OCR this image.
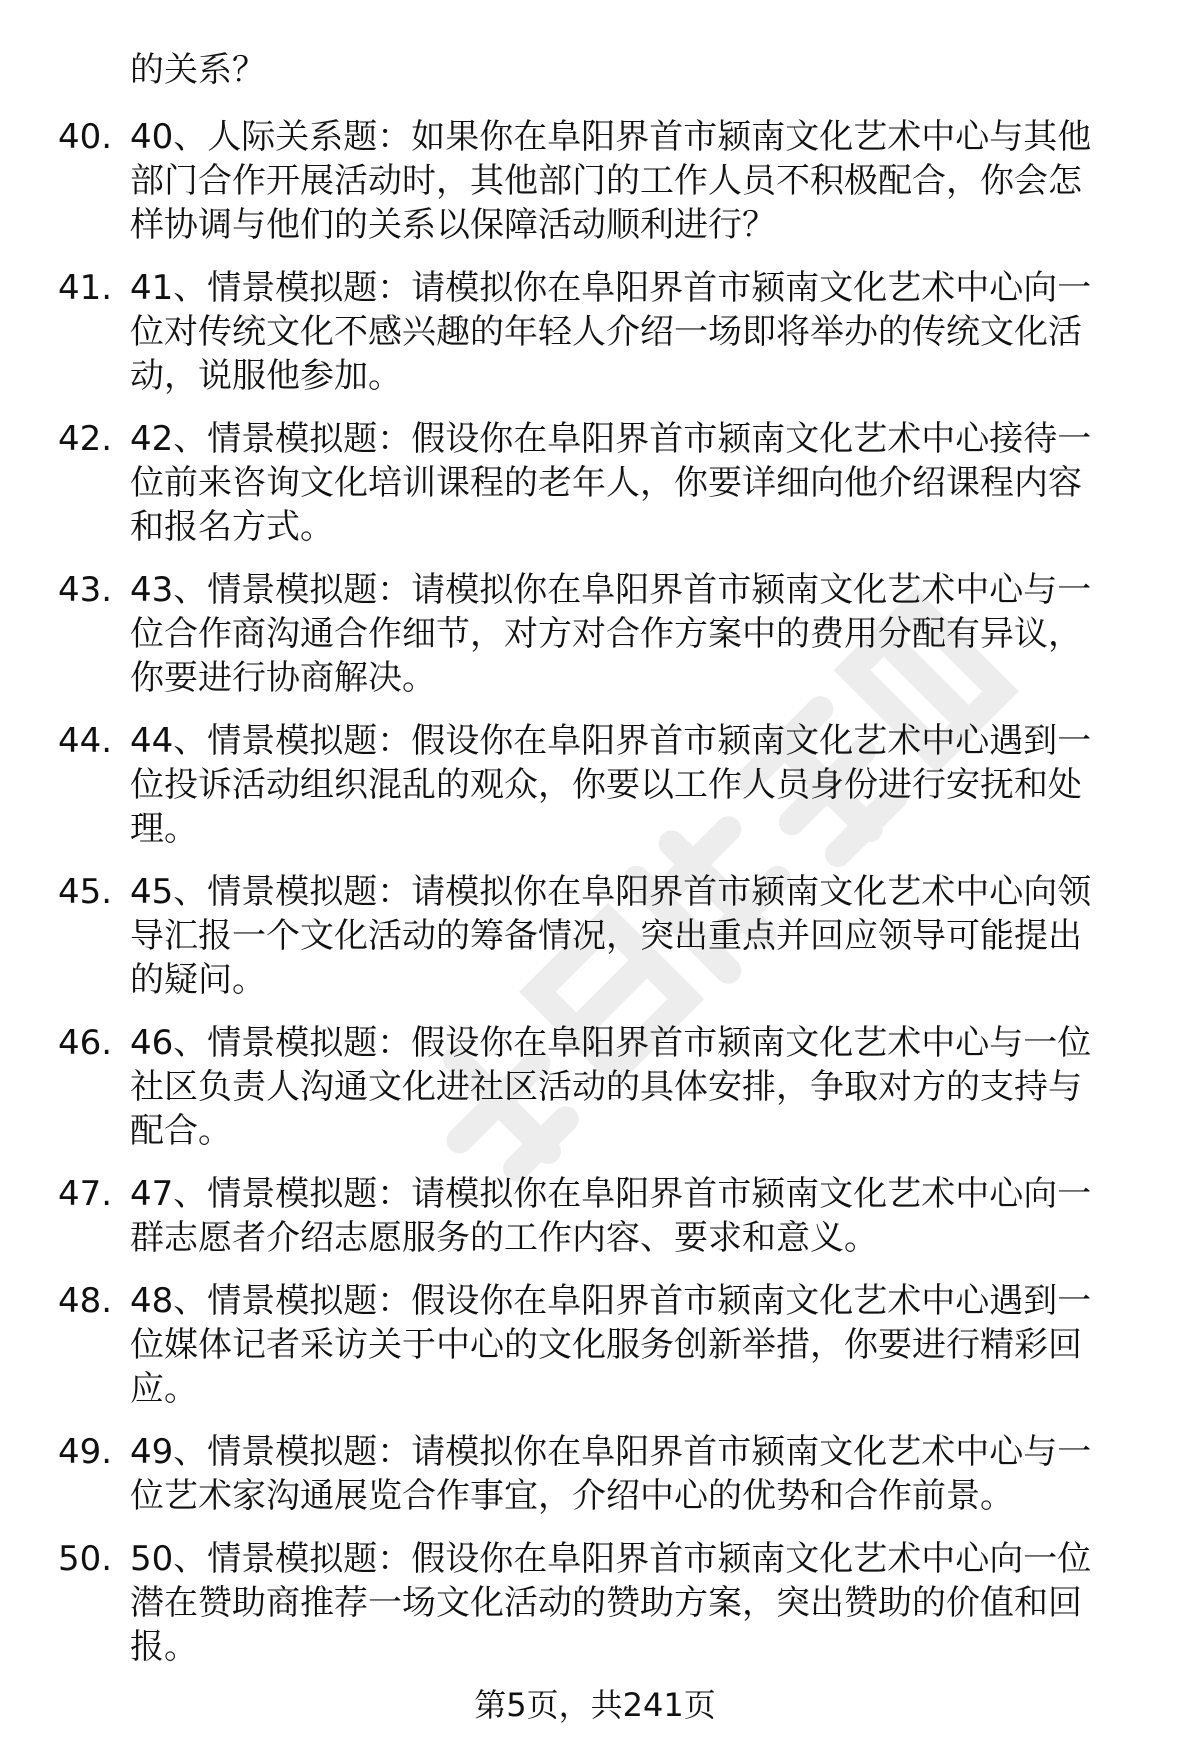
的关系？
40. 40、人际关系题：如果你在阜阳界首市颍南文化艺术中心与其他
部门合作开展活动时，其他部门的工作人员不积极配合，你会怎
样协调与他们的关系以保障活动顺利进行？
41. 41、情景模拟题：请模拟你在阜阳界首市颍南文化艺术中心向一
位对传统文化不感兴趣的年轻人介绍一场即将举办的传统文化活
动，说服他参加。
42. 42、情景模拟题：假设你在阜阳界首市颍南文化艺术中心接待一
位前来咨询文化培训课程的老年人，你要详细向他介绍课程内容
和报名方式。
43. 43、情景模拟题：请模拟你在阜阳界首市颍南文化艺术中心与一
位合作商沟通合作细节，对方对合作方案中的费用分配有异议，
你要进行协商解决。
44. 44、情景模拟题：假设你在阜阳界首市颍南文化艺术中心遇到一
位投诉活动组织混乱的观众，你要以工作人员身份进行安抚和处
理。
45. 45、情景模拟题：请模拟你在阜阳界首市颍南文化艺术中心向领
导汇报一个文化活动的筹备情况，突出重点并回应领导可能提出
的疑问。
46. 46、情景模拟题：假设你在阜阳界首市颍南文化艺术中心与一位
社区负责人沟通文化进社区活动的具体安排，争取对方的支持与
配合。
47. 47、情景模拟题：请模拟你在阜阳界首市颍南文化艺术中心向一
群志愿者介绍志愿服务的工作内容、要求和意义。
48. 48、情景模拟题：假设你在阜阳界首市颍南文化艺术中心遇到一
位媒体记者采访关于中心的文化服务创新举措，你要进行精彩回
应。
49. 49、情景模拟题：请模拟你在阜阳界首市颍南文化艺术中心与一
位艺术家沟通展览合作事宜，介绍中心的优势和合作前景。
50. 50、情景模拟题：假设你在阜阳界首市颍南文化艺术中心向一位
潜在赞助商推荐一场文化活动的赞助方案，突出赞助的价值和回
报。
第5页，共241页
